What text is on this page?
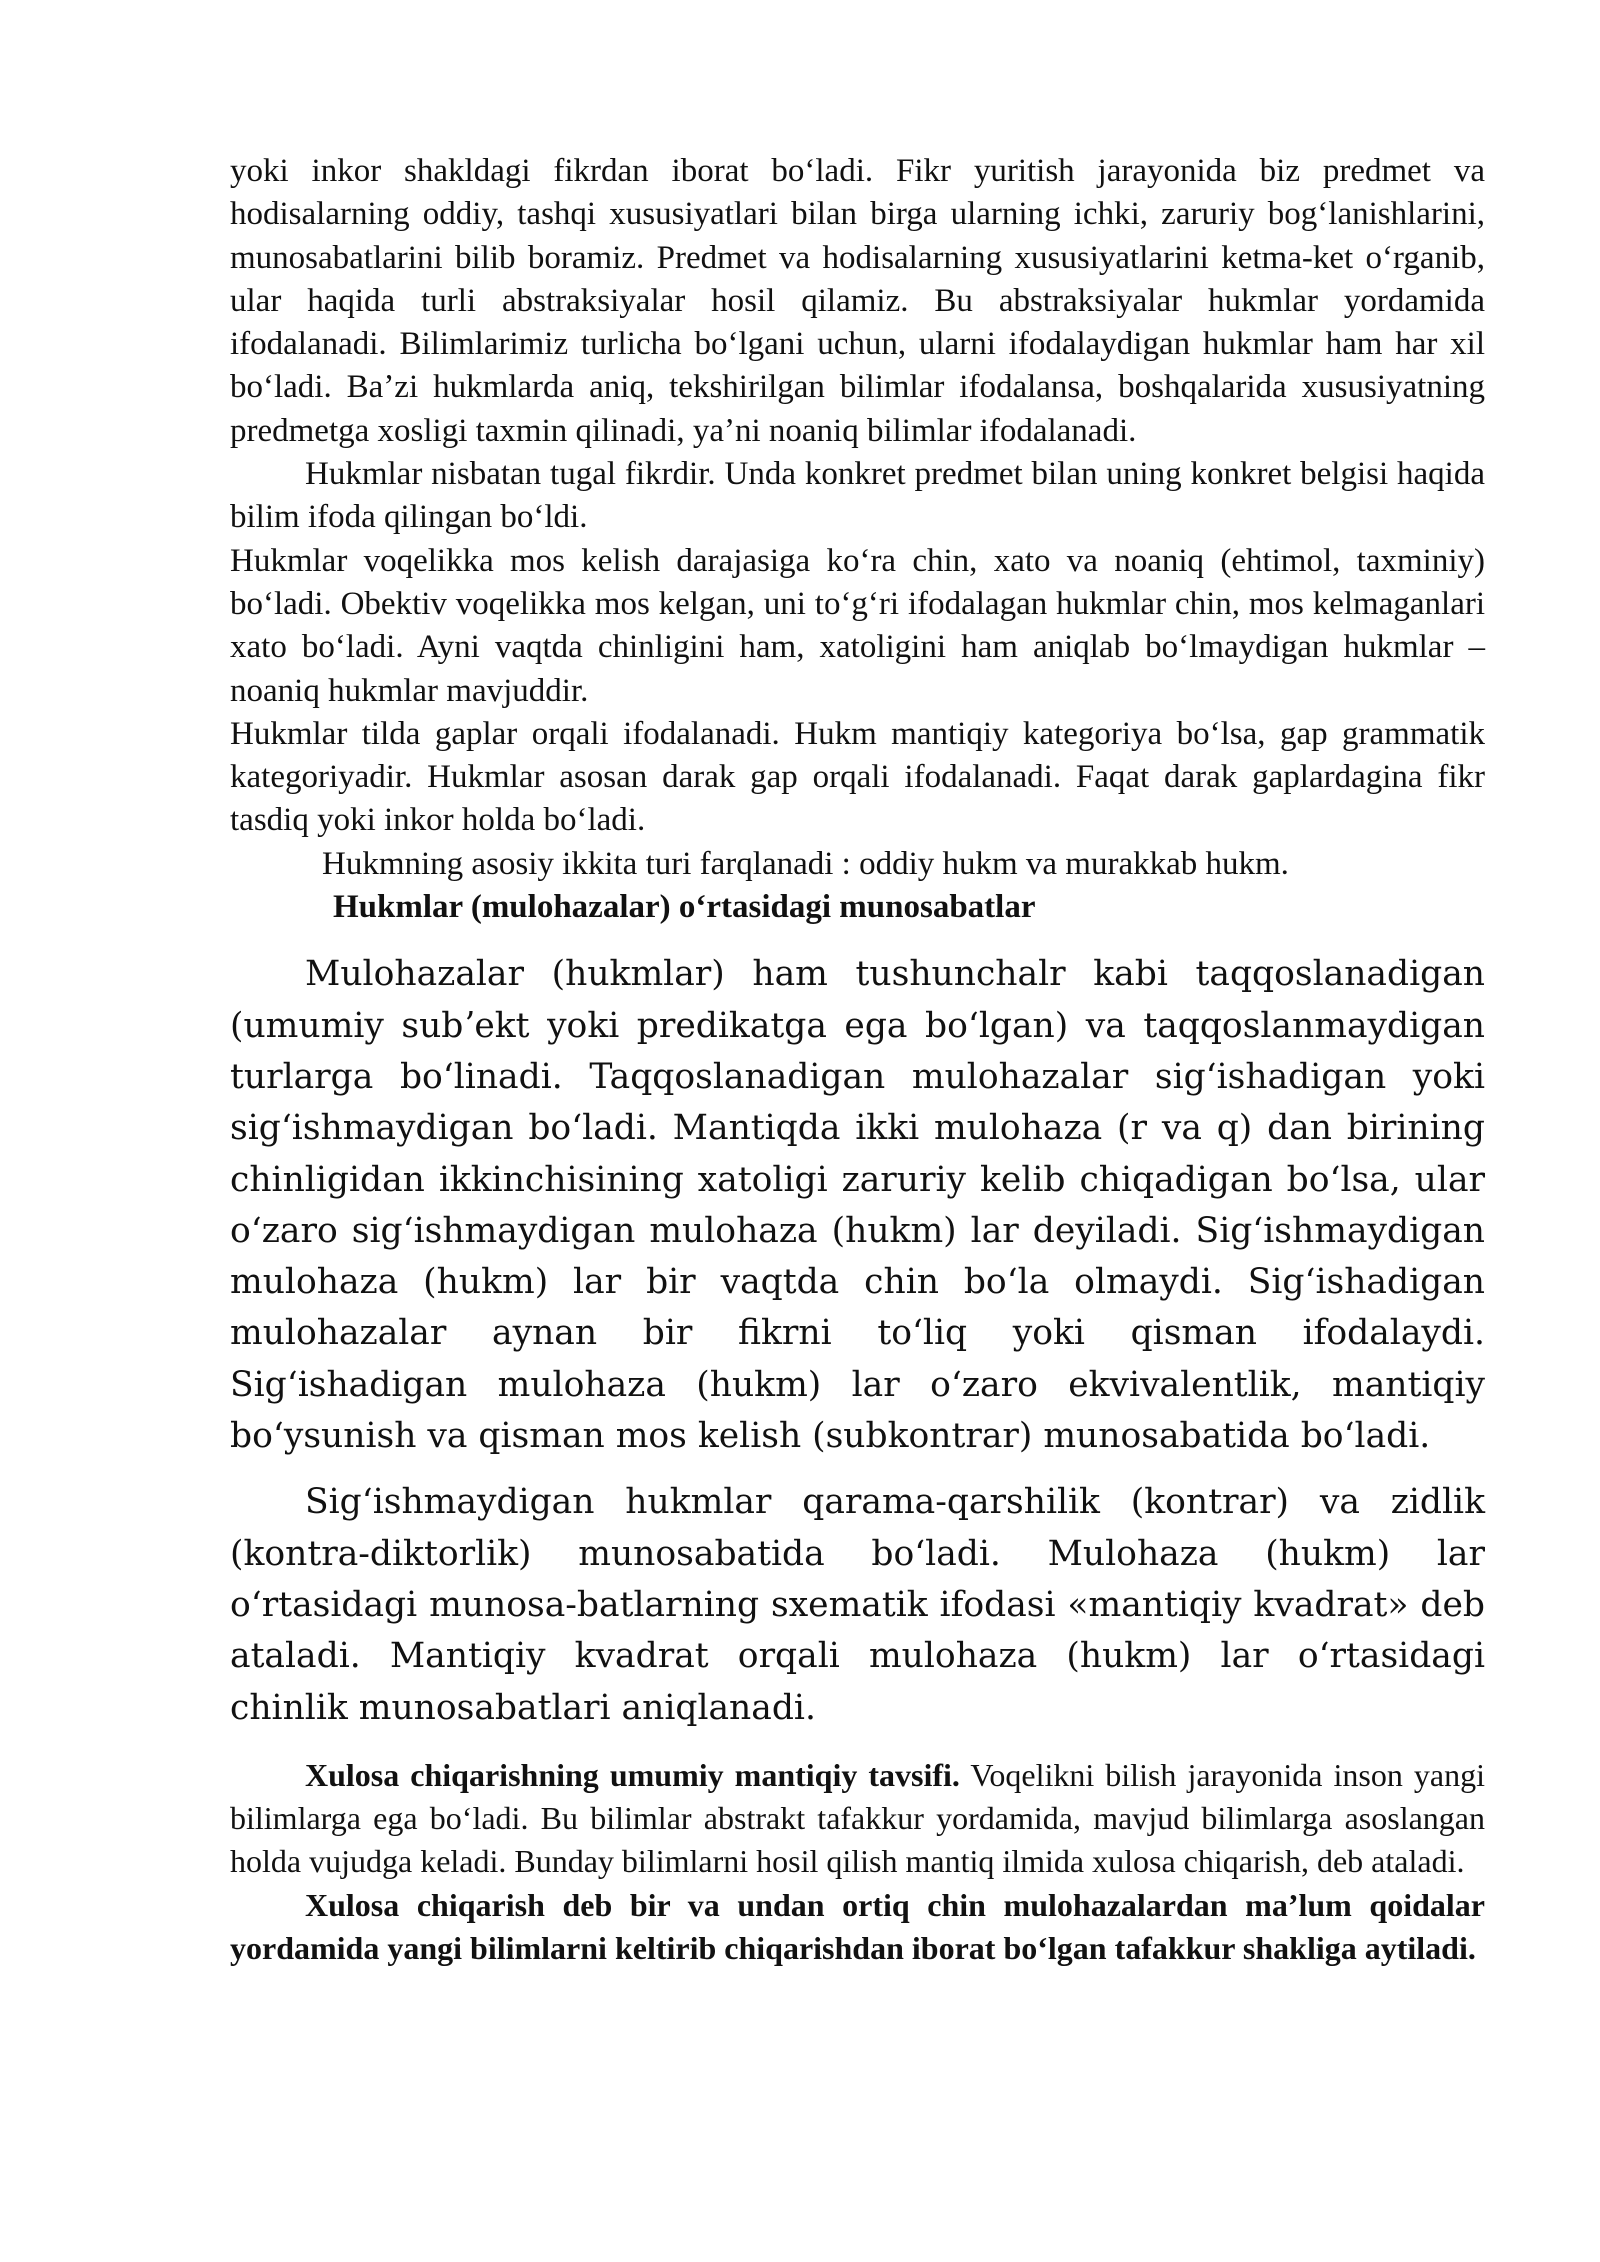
yoki inkor shakldagi fikrdan iborat boʻladi. Fikr yuritish jarayonida biz predmet va hodisalarning oddiy, tashqi xususiyatlari bilan birga ularning ichki, zaruriy bogʻlanishlarini, munosabatlarini bilib boramiz. Predmet va hodisalarning xususiyatlarini ketma-ket oʻrganib, ular haqida turli abstraksiyalar hosil qilamiz. Bu abstraksiyalar hukmlar yordamida ifodalanadi. Bilimlarimiz turlicha boʻlgani uchun, ularni ifodalaydigan hukmlar ham har xil boʻladi. Baʼzi hukmlarda aniq, tekshirilgan bilimlar ifodalansa, boshqalarida xususiyatning predmetga xosligi taxmin qilinadi, yaʼni noaniq bilimlar ifodalanadi.

Hukmlar nisbatan tugal fikrdir. Unda konkret predmet bilan uning konkret belgisi haqida bilim ifoda qilingan boʻldi.

Hukmlar voqelikka mos kelish darajasiga koʻra chin, xato va noaniq (ehtimol, taxminiy) boʻladi. Obektiv voqelikka mos kelgan, uni toʻgʻri ifodalagan hukmlar chin, mos kelmaganlari xato boʻladi. Ayni vaqtda chinligini ham, xatoligini ham aniqlab boʻlmaydigan hukmlar – noaniq hukmlar mavjuddir.

Hukmlar tilda gaplar orqali ifodalanadi. Hukm mantiqiy kategoriya boʻlsa, gap grammatik kategoriyadir. Hukmlar asosan darak gap orqali ifodalanadi. Faqat darak gaplardagina fikr tasdiq yoki inkor holda boʻladi.

Hukmning asosiy ikkita turi farqlanadi : oddiy hukm va murakkab hukm.

Hukmlar (mulohazalar) oʻrtasidagi munosabatlar

Mulohazalar (hukmlar) ham tushunchalr kabi taqqoslanadigan (umumiy subʼekt yoki predikatga ega boʻlgan) va taqqoslanmaydigan turlarga boʻlinadi. Taqqoslanadigan mulohazalar sigʻishadigan yoki sigʻishmaydigan boʻladi. Mantiqda ikki mulohaza (r va q) dan birining chinligidan ikkinchisining xatoligi zaruriy kelib chiqadigan boʻlsa, ular oʻzaro sigʻishmaydigan mulohaza (hukm) lar deyiladi. Sigʻishmaydigan mulohaza (hukm) lar bir vaqtda chin boʻla olmaydi. Sigʻishadigan mulohazalar aynan bir fikrni toʻliq yoki qisman ifodalaydi. Sigʻishadigan mulohaza (hukm) lar oʻzaro ekvivalentlik, mantiqiy boʻysunish va qisman mos kelish (subkontrar) munosabatida boʻladi.

Sigʻishmaydigan hukmlar qarama-qarshilik (kontrar) va zidlik (kontra-diktorlik) munosabatida boʻladi. Mulohaza (hukm) lar oʻrtasidagi munosa-batlarning sxematik ifodasi «mantiqiy kvadrat» deb ataladi. Mantiqiy kvadrat orqali mulohaza (hukm) lar oʻrtasidagi chinlik munosabatlari aniqlanadi.

Xulosa chiqarishning umumiy mantiqiy tavsifi. Voqelikni bilish jarayonida inson yangi bilimlarga ega boʻladi. Bu bilimlar abstrakt tafakkur yordamida, mavjud bilimlarga asoslangan holda vujudga keladi. Bunday bilimlarni hosil qilish mantiq ilmida xulosa chiqarish, deb ataladi.

Xulosa chiqarish deb bir va undan ortiq chin mulohazalardan maʼlum qoidalar yordamida yangi bilimlarni keltirib chiqarishdan iborat boʻlgan tafakkur shakliga aytiladi.
